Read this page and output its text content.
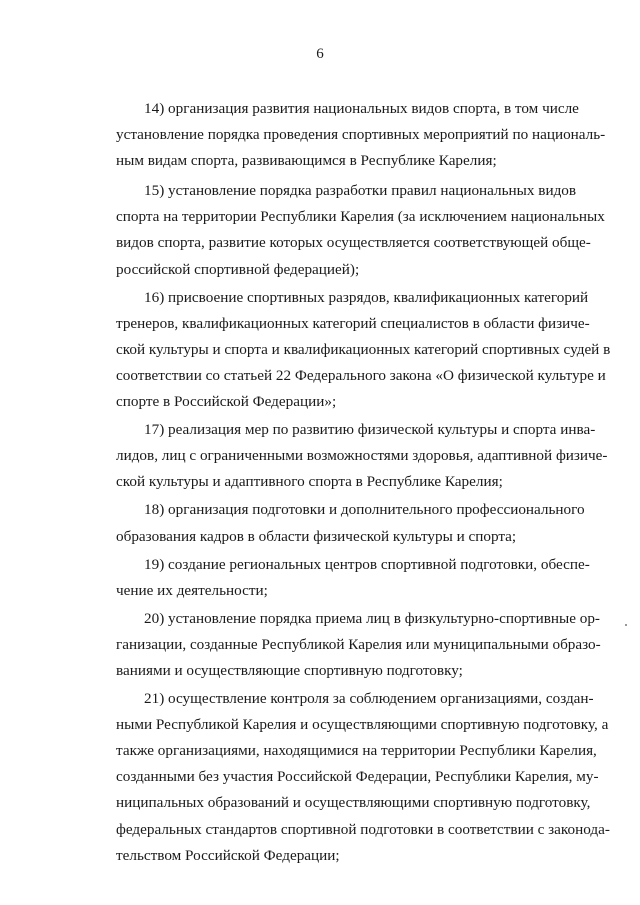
6
14) организация развития национальных видов спорта, в том числе
установление порядка проведения спортивных мероприятий по националь-
ным видам спорта, развивающимся в Республике Карелия;
15) установление порядка разработки правил национальных видов
спорта на территории Республики Карелия (за исключением национальных
видов спорта, развитие которых осуществляется соответствующей обще-
российской спортивной федерацией);
16) присвоение спортивных разрядов, квалификационных категорий
тренеров, квалификационных категорий специалистов в области физиче-
ской культуры и спорта и квалификационных категорий спортивных судей в
соответствии со статьей 22 Федерального закона «О физической культуре и
спорте в Российской Федерации»;
17) реализация мер по развитию физической культуры и спорта инва-
лидов, лиц с ограниченными возможностями здоровья, адаптивной физиче-
ской культуры и адаптивного спорта в Республике Карелия;
18) организация подготовки и дополнительного профессионального
образования кадров в области физической культуры и спорта;
19) создание региональных центров спортивной подготовки, обеспе-
чение их деятельности;
20) установление порядка приема лиц в физкультурно-спортивные ор-
ганизации, созданные Республикой Карелия или муниципальными образо-
ваниями и осуществляющие спортивную подготовку;
21) осуществление контроля за соблюдением организациями, создан-
ными Республикой Карелия и осуществляющими спортивную подготовку, а
также организациями, находящимися на территории Республики Карелия,
созданными без участия Российской Федерации, Республики Карелия, му-
ниципальных образований и осуществляющими спортивную подготовку,
федеральных стандартов спортивной подготовки в соответствии с законода-
тельством Российской Федерации;
